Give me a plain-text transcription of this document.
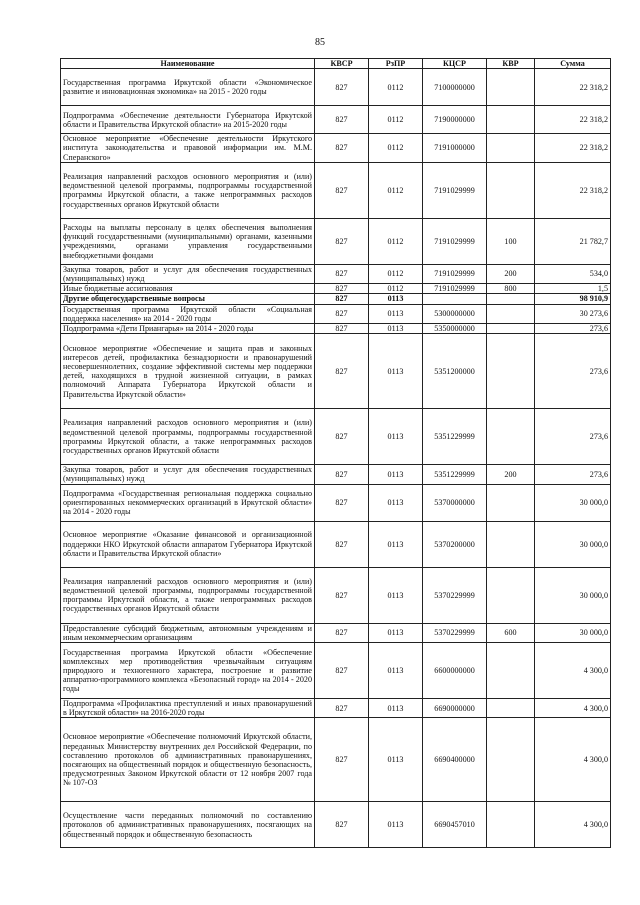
85
Наименование	КВСР	РзПР	КЦСР	КВР	Сумма
Государственная программа Иркутской области «Экономическое развитие и инновационная экономика» на 2015 - 2020 годы	827	0112	7100000000		22 318,2
Подпрограмма «Обеспечение деятельности Губернатора Иркутской области и Правительства Иркутской области» на 2015-2020 годы	827	0112	7190000000		22 318,2
Основное мероприятие «Обеспечение деятельности Иркутского института законодательства и правовой информации им. М.М. Сперанского»	827	0112	7191000000		22 318,2
Реализация направлений расходов основного мероприятия и (или) ведомственной целевой программы, подпрограммы государственной программы Иркутской области, а также непрограммных расходов государственных органов Иркутской области	827	0112	7191029999		22 318,2
Расходы на выплаты персоналу в целях обеспечения выполнения функций государственными (муниципальными) органами, казенными учреждениями, органами управления государственными внебюджетными фондами	827	0112	7191029999	100	21 782,7
Закупка товаров, работ и услуг для обеспечения государственных (муниципальных) нужд	827	0112	7191029999	200	534,0
Иные бюджетные ассигнования	827	0112	7191029999	800	1,5
Другие общегосударственные вопросы	827	0113			98 910,9
Государственная программа Иркутской области «Социальная поддержка населения» на 2014 - 2020 годы	827	0113	5300000000		30 273,6
Подпрограмма «Дети Приангарья» на 2014 - 2020 годы	827	0113	5350000000		273,6
Основное мероприятие «Обеспечение и защита прав и законных интересов детей, профилактика безнадзорности и правонарушений несовершеннолетних, создание эффективной системы мер поддержки детей, находящихся в трудной жизненной ситуации, в рамках полномочий Аппарата Губернатора Иркутской области и Правительства Иркутской области»	827	0113	5351200000		273,6
Реализация направлений расходов основного мероприятия и (или) ведомственной целевой программы, подпрограммы государственной программы Иркутской области, а также непрограммных расходов государственных органов Иркутской области	827	0113	5351229999		273,6
Закупка товаров, работ и услуг для обеспечения государственных (муниципальных) нужд	827	0113	5351229999	200	273,6
Подпрограмма «Государственная региональная поддержка социально ориентированных некоммерческих организаций в Иркутской области» на 2014 - 2020 годы	827	0113	5370000000		30 000,0
Основное мероприятие «Оказание финансовой и организационной поддержки НКО Иркутской области аппаратом Губернатора Иркутской области и Правительства Иркутской области»	827	0113	5370200000		30 000,0
Реализация направлений расходов основного мероприятия и (или) ведомственной целевой программы, подпрограммы государственной программы Иркутской области, а также непрограммных расходов государственных органов Иркутской области	827	0113	5370229999		30 000,0
Предоставление субсидий бюджетным, автономным учреждениям и иным некоммерческим организациям	827	0113	5370229999	600	30 000,0
Государственная программа Иркутской области «Обеспечение комплексных мер противодействия чрезвычайным ситуациям природного и техногенного характера, построение и развитие аппаратно-программного комплекса «Безопасный город» на 2014 - 2020 годы	827	0113	6600000000		4 300,0
Подпрограмма «Профилактика преступлений и иных правонарушений в Иркутской области» на 2016-2020 годы	827	0113	6690000000		4 300,0
Основное мероприятие «Обеспечение полномочий Иркутской области, переданных Министерству внутренних дел Российской Федерации, по составлению протоколов об административных правонарушениях, посягающих на общественный порядок и общественную безопасность, предусмотренных Законом Иркутской области от 12 ноября 2007 года № 107-ОЗ	827	0113	6690400000		4 300,0
Осуществление части переданных полномочий по составлению протоколов об административных правонарушениях, посягающих на общественный порядок и общественную безопасность	827	0113	6690457010		4 300,0
